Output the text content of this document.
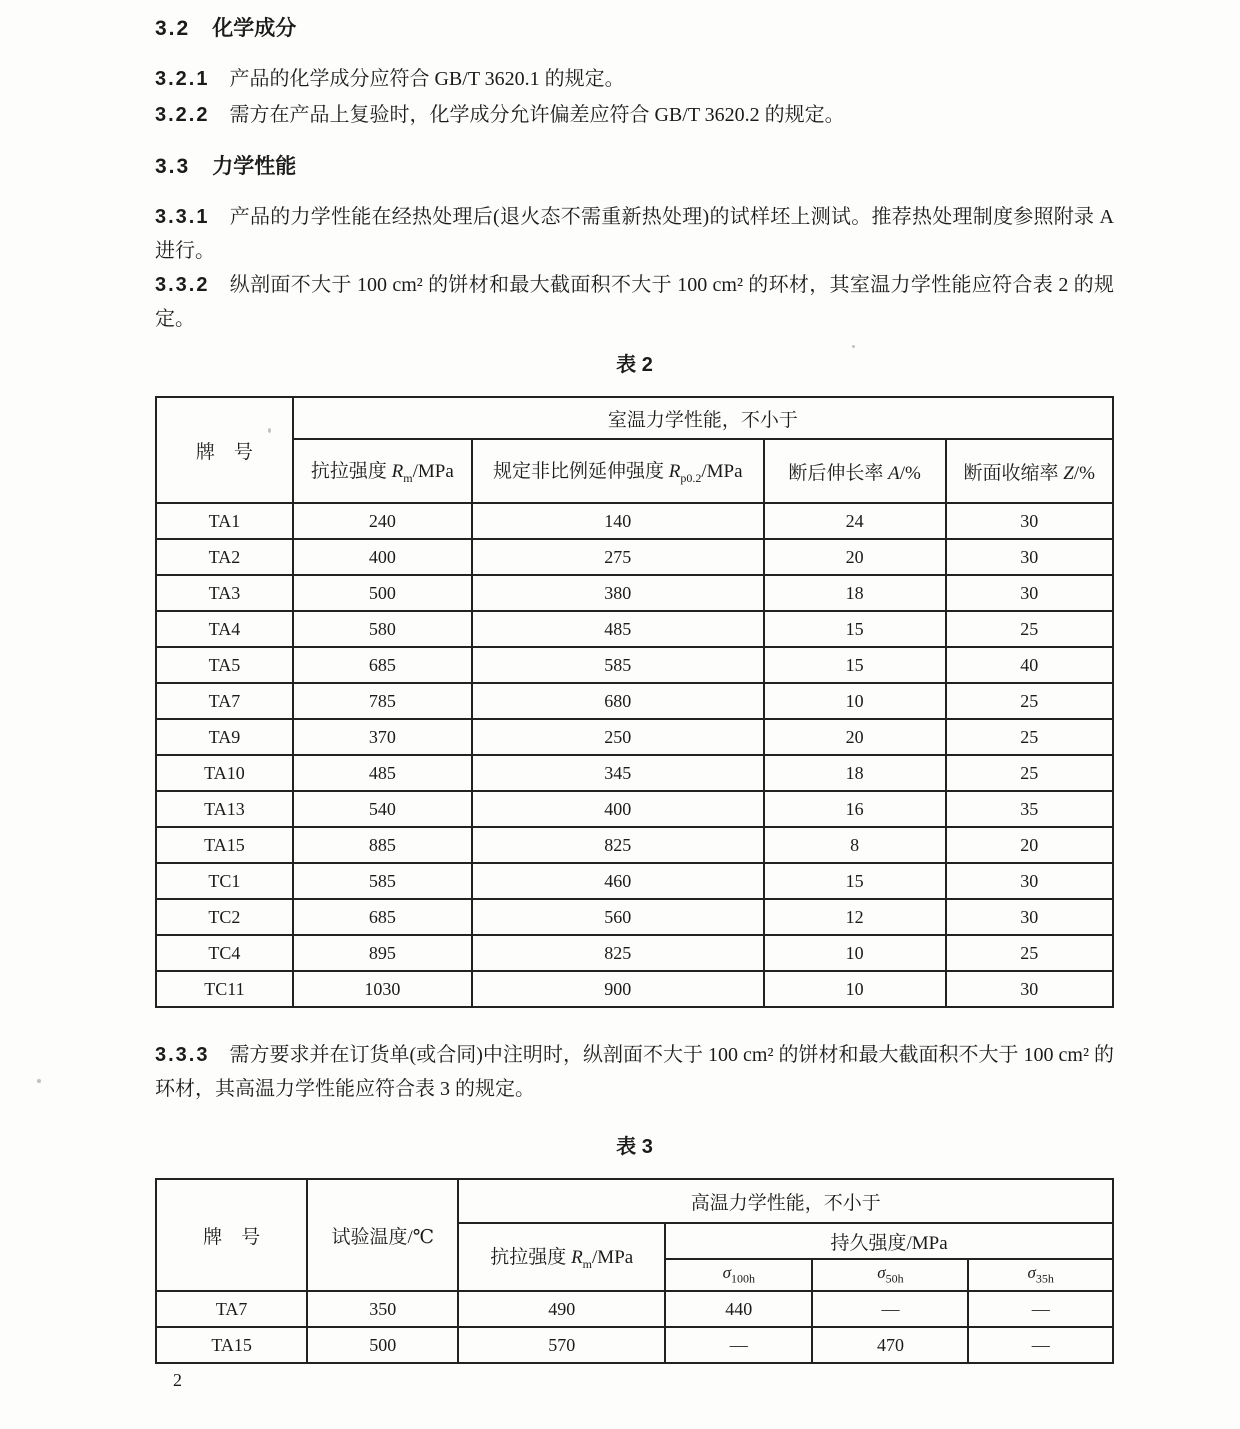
3.2 化学成分

3.2.1 产品的化学成分应符合 GB/T 3620.1 的规定。

3.2.2 需方在产品上复验时，化学成分允许偏差应符合 GB/T 3620.2 的规定。

3.3 力学性能

3.3.1 产品的力学性能在经热处理后(退火态不需重新热处理)的试样坯上测试。推荐热处理制度参照附录 A 进行。

3.3.2 纵剖面不大于 100 cm² 的饼材和最大截面积不大于 100 cm² 的环材，其室温力学性能应符合表 2 的规定。

表 2
牌　号	室温力学性能，不小于			
	抗拉强度 $R_m$/MPa	规定非比例延伸强度 $R_{p0.2}$/MPa	断后伸长率 A/%	断面收缩率 Z/%
TA1	240	140	24	30
TA2	400	275	20	30
TA3	500	380	18	30
TA4	580	485	15	25
TA5	685	585	15	40
TA7	785	680	10	25
TA9	370	250	20	25
TA10	485	345	18	25
TA13	540	400	16	35
TA15	885	825	8	20
TC1	585	460	15	30
TC2	685	560	12	30
TC4	895	825	10	25
TC11	1030	900	10	30

3.3.3 需方要求并在订货单(或合同)中注明时，纵剖面不大于 100 cm² 的饼材和最大截面积不大于 100 cm² 的环材，其高温力学性能应符合表 3 的规定。

表 3
牌　号	试验温度/℃	高温力学性能，不小于			
		抗拉强度 $R_m$/MPa	持久强度/MPa		
			$\sigma_{100h}$	$\sigma_{50h}$	$\sigma_{35h}$
TA7	350	490	440	—	—
TA15	500	570	—	470	—
2
